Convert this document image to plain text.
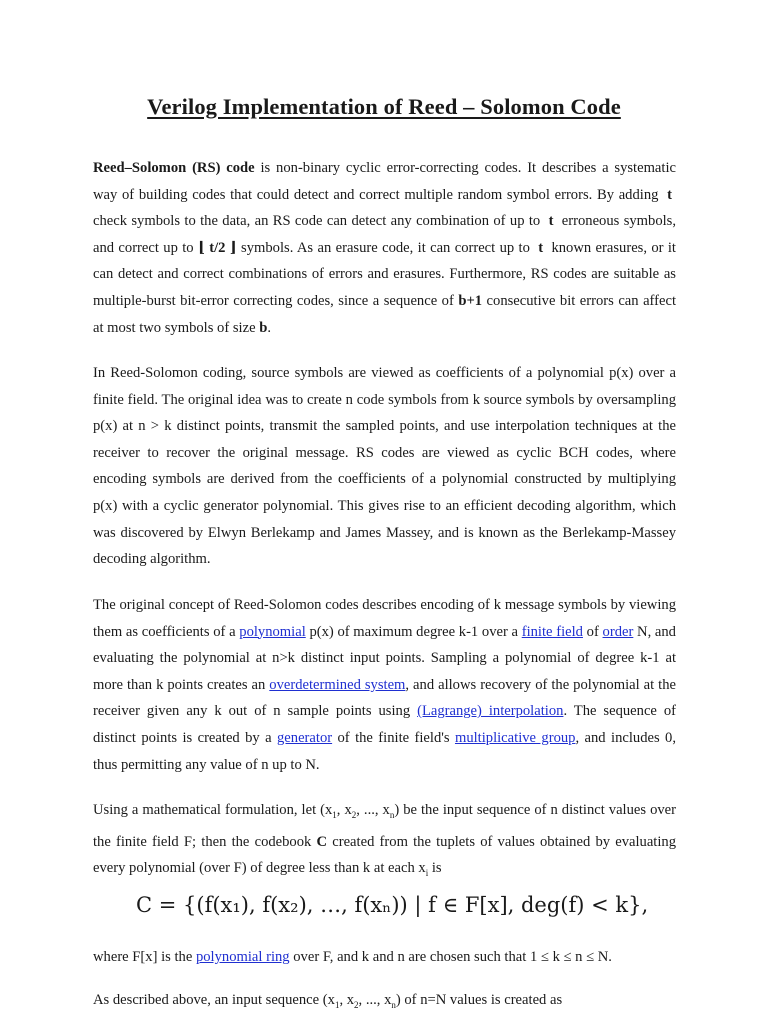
Verilog Implementation of Reed – Solomon Code

Reed–Solomon (RS) code is non-binary cyclic error-correcting codes. It describes a systematic way of building codes that could detect and correct multiple random symbol errors. By adding t check symbols to the data, an RS code can detect any combination of up to t erroneous symbols, and correct up to ⌊ t/2 ⌋ symbols. As an erasure code, it can correct up to t known erasures, or it can detect and correct combinations of errors and erasures. Furthermore, RS codes are suitable as multiple-burst bit-error correcting codes, since a sequence of b+1 consecutive bit errors can affect at most two symbols of size b.

In Reed-Solomon coding, source symbols are viewed as coefficients of a polynomial p(x) over a finite field. The original idea was to create n code symbols from k source symbols by oversampling p(x) at n > k distinct points, transmit the sampled points, and use interpolation techniques at the receiver to recover the original message. RS codes are viewed as cyclic BCH codes, where encoding symbols are derived from the coefficients of a polynomial constructed by multiplying p(x) with a cyclic generator polynomial. This gives rise to an efficient decoding algorithm, which was discovered by Elwyn Berlekamp and James Massey, and is known as the Berlekamp-Massey decoding algorithm.

The original concept of Reed-Solomon codes describes encoding of k message symbols by viewing them as coefficients of a polynomial p(x) of maximum degree k-1 over a finite field of order N, and evaluating the polynomial at n>k distinct input points. Sampling a polynomial of degree k-1 at more than k points creates an overdetermined system, and allows recovery of the polynomial at the receiver given any k out of n sample points using (Lagrange) interpolation. The sequence of distinct points is created by a generator of the finite field's multiplicative group, and includes 0, thus permitting any value of n up to N.

Using a mathematical formulation, let ($x_1$, $x_2$, ..., $x_n$) be the input sequence of n distinct values over the finite field F; then the codebook C created from the tuplets of values obtained by evaluating every polynomial (over F) of degree less than k at each $x_i$ is

C = {(f(x₁), f(x₂), …, f(xₙ)) | f ∈ F[x], deg(f) < k},
where F[x] is the polynomial ring over F, and k and n are chosen such that 1 ≤ k ≤ n ≤ N.
As described above, an input sequence ($x_1$, $x_2$, ..., $x_n$) of n=N values is created as
